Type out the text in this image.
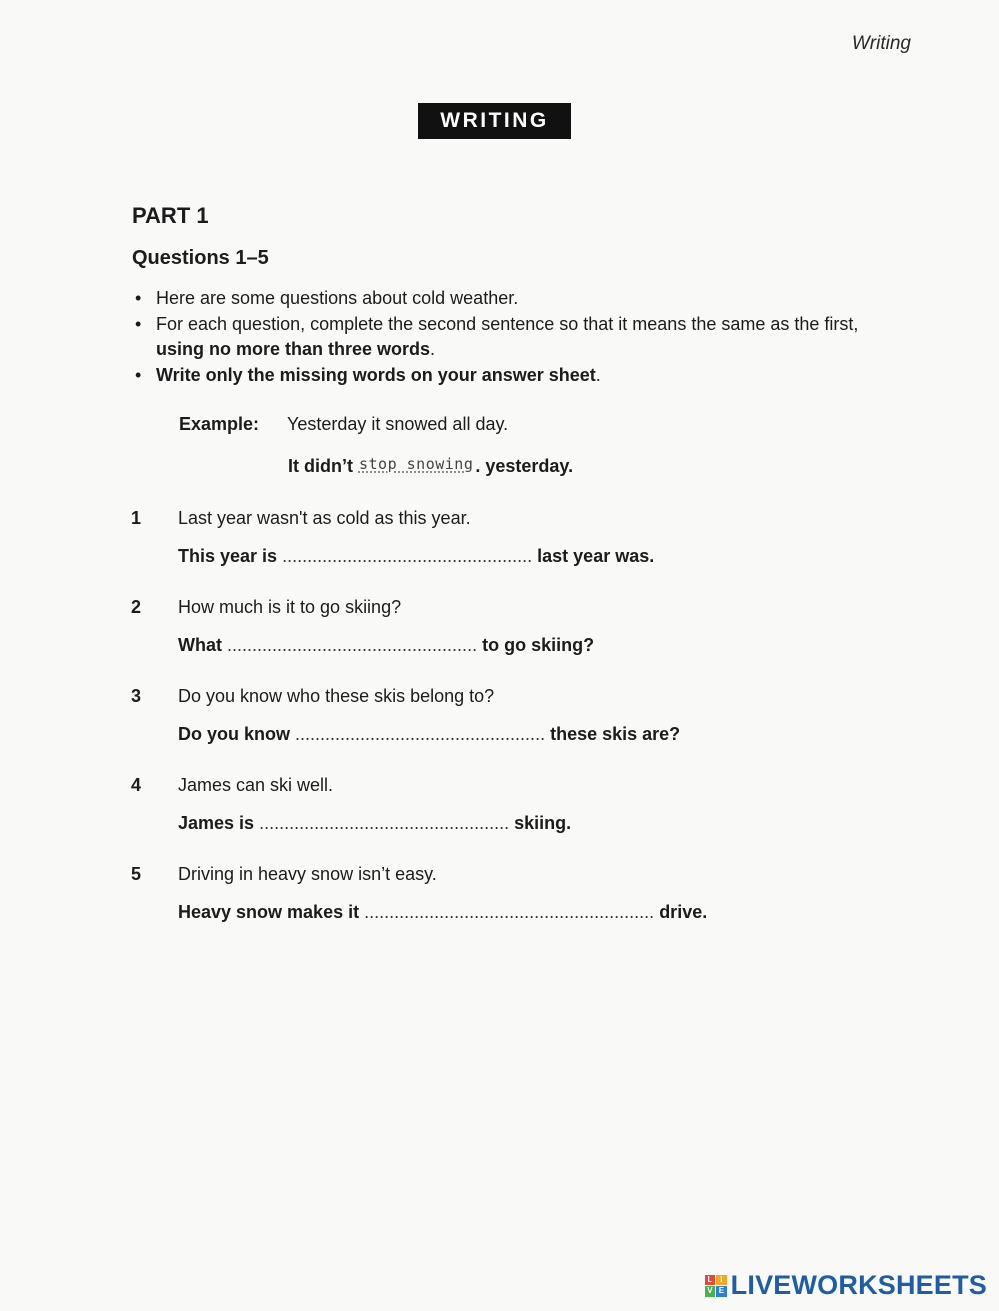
Writing
WRITING
PART 1
Questions 1–5
• Here are some questions about cold weather.
• For each question, complete the second sentence so that it means the same as the first,
using no more than three words.
• Write only the missing words on your answer sheet.
Example: Yesterday it snowed all day.
It didn’t stop snowing . yesterday.
1 Last year wasn't as cold as this year.
This year is .................................................. last year was.
2 How much is it to go skiing?
What .................................................. to go skiing?
3 Do you know who these skis belong to?
Do you know .................................................. these skis are?
4 James can ski well.
James is .................................................. skiing.
5 Driving in heavy snow isn’t easy.
Heavy snow makes it .......................................................... drive.
L I
V E LIVEWORKSHEETS
